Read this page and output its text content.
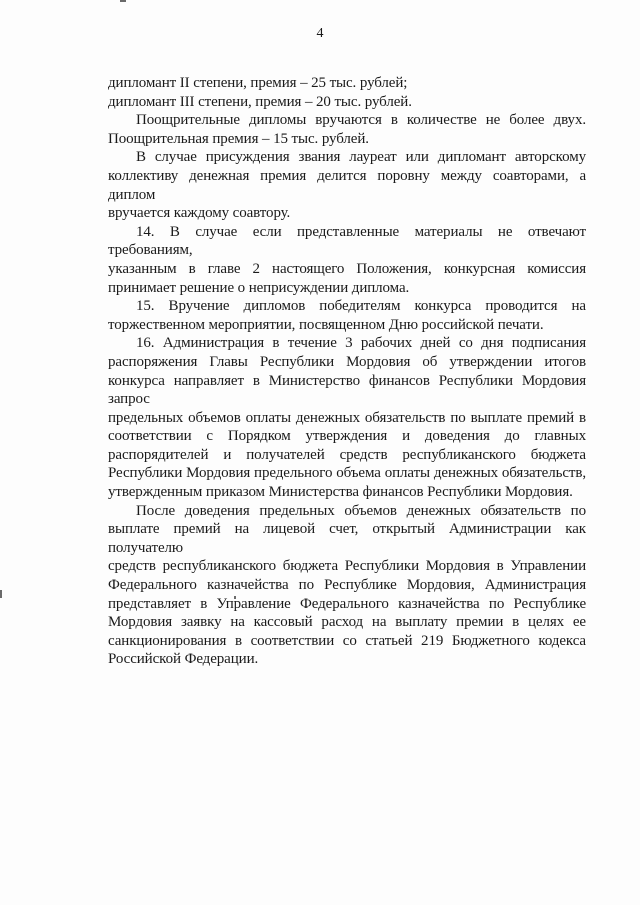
4

дипломант II степени, премия – 25 тыс. рублей;

дипломант III степени, премия – 20 тыс. рублей.

Поощрительные дипломы вручаются в количестве не более двух.
Поощрительная премия – 15 тыс. рублей.

В случае присуждения звания лауреат или дипломант авторскому
коллективу денежная премия делится поровну между соавторами, а диплом
вручается каждому соавтору.

14. В случае если представленные материалы не отвечают требованиям,
указанным в главе 2 настоящего Положения, конкурсная комиссия
принимает решение о неприсуждении диплома.

15. Вручение дипломов победителям конкурса проводится на
торжественном мероприятии, посвященном Дню российской печати.

16. Администрация в течение 3 рабочих дней со дня подписания
распоряжения Главы Республики Мордовия об утверждении итогов
конкурса направляет в Министерство финансов Республики Мордовия запрос
предельных объемов оплаты денежных обязательств по выплате премий в
соответствии с Порядком утверждения и доведения до главных
распорядителей и получателей средств республиканского бюджета
Республики Мордовия предельного объема оплаты денежных обязательств,
утвержденным приказом Министерства финансов Республики Мордовия.

После доведения предельных объемов денежных обязательств по
выплате премий на лицевой счет, открытый Администрации как получателю
средств республиканского бюджета Республики Мордовия в Управлении
Федерального казначейства по Республике Мордовия, Администрация
представляет в Управление Федерального казначейства по Республике
Мордовия заявку на кассовый расход на выплату премии в целях ее
санкционирования в соответствии со статьей 219 Бюджетного кодекса
Российской Федерации.
